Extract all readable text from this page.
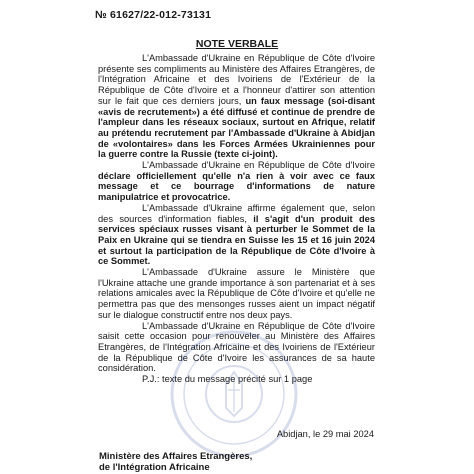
№ 61627/22-012-73131
NOTE VERBALE

L'Ambassade d'Ukraine en République de Côte d'Ivoire présente ses compliments au Ministère des Affaires Etrangères, de l'Intégration Africaine et des Ivoiriens de l'Extérieur de la République de Côte d'Ivoire et a l'honneur d'attirer son attention sur le fait que ces derniers jours, un faux message (soi-disant «avis de recrutement») a été diffusé et continue de prendre de l'ampleur dans les réseaux sociaux, surtout en Afrique, relatif au prétendu recrutement par l'Ambassade d'Ukraine à Abidjan de «volontaires» dans les Forces Armées Ukrainiennes pour la guerre contre la Russie (texte ci-joint).

L'Ambassade d'Ukraine en République de Côte d'Ivoire déclare officiellement qu'elle n'a rien à voir avec ce faux message et ce bourrage d'informations de nature manipulatrice et provocatrice.

L'Ambassade d'Ukraine affirme également que, selon des sources d'information fiables, il s'agit d'un produit des services spéciaux russes visant à perturber le Sommet de la Paix en Ukraine qui se tiendra en Suisse les 15 et 16 juin 2024 et surtout la participation de la République de Côte d'Ivoire à ce Sommet.

L'Ambassade d'Ukraine assure le Ministère que l'Ukraine attache une grande importance à son partenariat et à ses relations amicales avec la République de Côte d'Ivoire et qu'elle ne permettra pas que des mensonges russes aient un impact négatif sur le dialogue constructif entre nos deux pays.

L'Ambassade d'Ukraine en République de Côte d'Ivoire saisit cette occasion pour renouveler au Ministère des Affaires Etrangères, de l'Intégration Africaine et des Ivoiriens de l'Extérieur de la République de Côte d'Ivoire les assurances de sa haute considération.

P.J.: texte du message précité sur 1 page

Abidjan, le 29 mai 2024
Ministère des Affaires Etrangères,
de l'Intégration Africaine
